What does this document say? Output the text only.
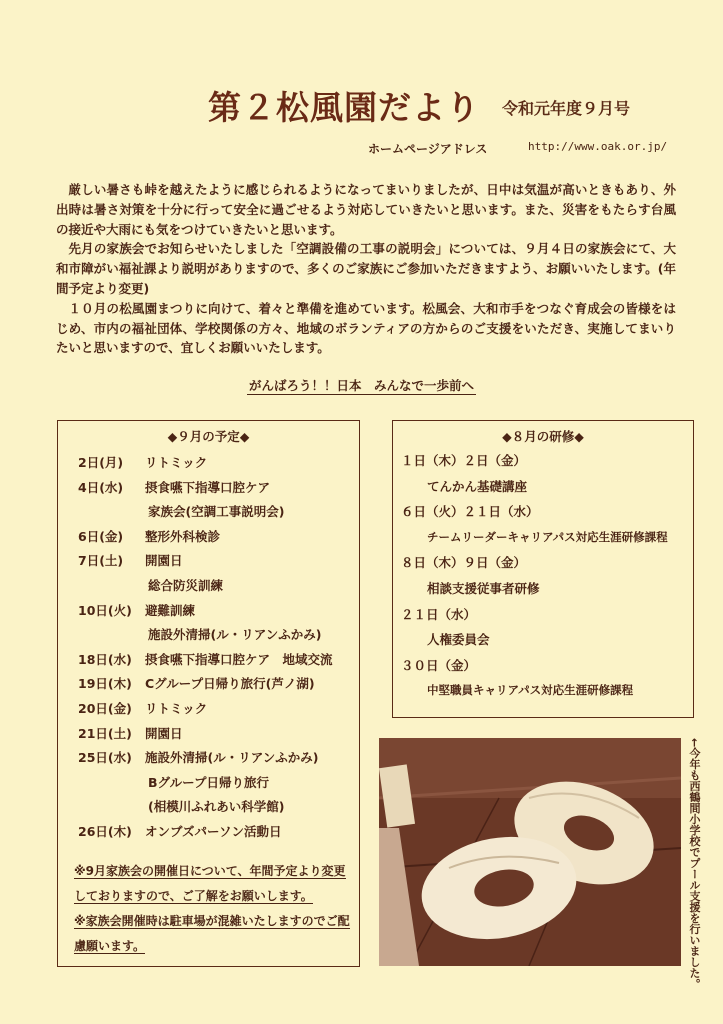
第２松風園だより 令和元年度９月号
ホームページアドレス	http://www.oak.or.jp/

厳しい暑さも峠を越えたように感じられるようになってまいりましたが、日中は気温が高いときもあり、外出時は暑さ対策を十分に行って安全に過ごせるよう対応していきたいと思います。また、災害をもたらす台風の接近や大雨にも気をつけていきたいと思います。

先月の家族会でお知らせいたしました「空調設備の工事の説明会」については、９月４日の家族会にて、大和市障がい福祉課より説明がありますので、多くのご家族にご参加いただきますよう、お願いいたします。(年間予定より変更)

１０月の松風園まつりに向けて、着々と準備を進めています。松風会、大和市手をつなぐ育成会の皆様をはじめ、市内の福祉団体、学校関係の方々、地域のボランティアの方からのご支援をいただき、実施してまいりたいと思いますので、宜しくお願いいたします。

がんばろう！！日本　みんなで一歩前へ
◆９月の予定◆
2日(月) リトミック
4日(水) 摂食嚥下指導口腔ケア
家族会(空調工事説明会)
6日(金) 整形外科検診
7日(土) 開園日
総合防災訓練
10日(火) 避難訓練
施設外清掃(ル・リアンふかみ)
18日(水) 摂食嚥下指導口腔ケア　地域交流
19日(木) Cグループ日帰り旅行(芦ノ湖)
20日(金) リトミック
21日(土) 開園日
25日(水) 施設外清掃(ル・リアンふかみ)
Bグループ日帰り旅行
(相模川ふれあい科学館)
26日(木) オンブズパーソン活動日
※9月家族会の開催日について、年間予定より変更しておりますので、ご了解をお願いします。
※家族会開催時は駐車場が混雑いたしますのでご配慮願います。
◆８月の研修◆
１日（木）２日（金）
てんかん基礎講座
６日（火）２１日（水）
チームリーダーキャリアパス対応生涯研修課程
８日（木）９日（金）
相談支援従事者研修
２１日（水）
人権委員会
３０日（金）
中堅職員キャリアパス対応生涯研修課程
←今年も西鶴間小学校でプール支援を行いました。
